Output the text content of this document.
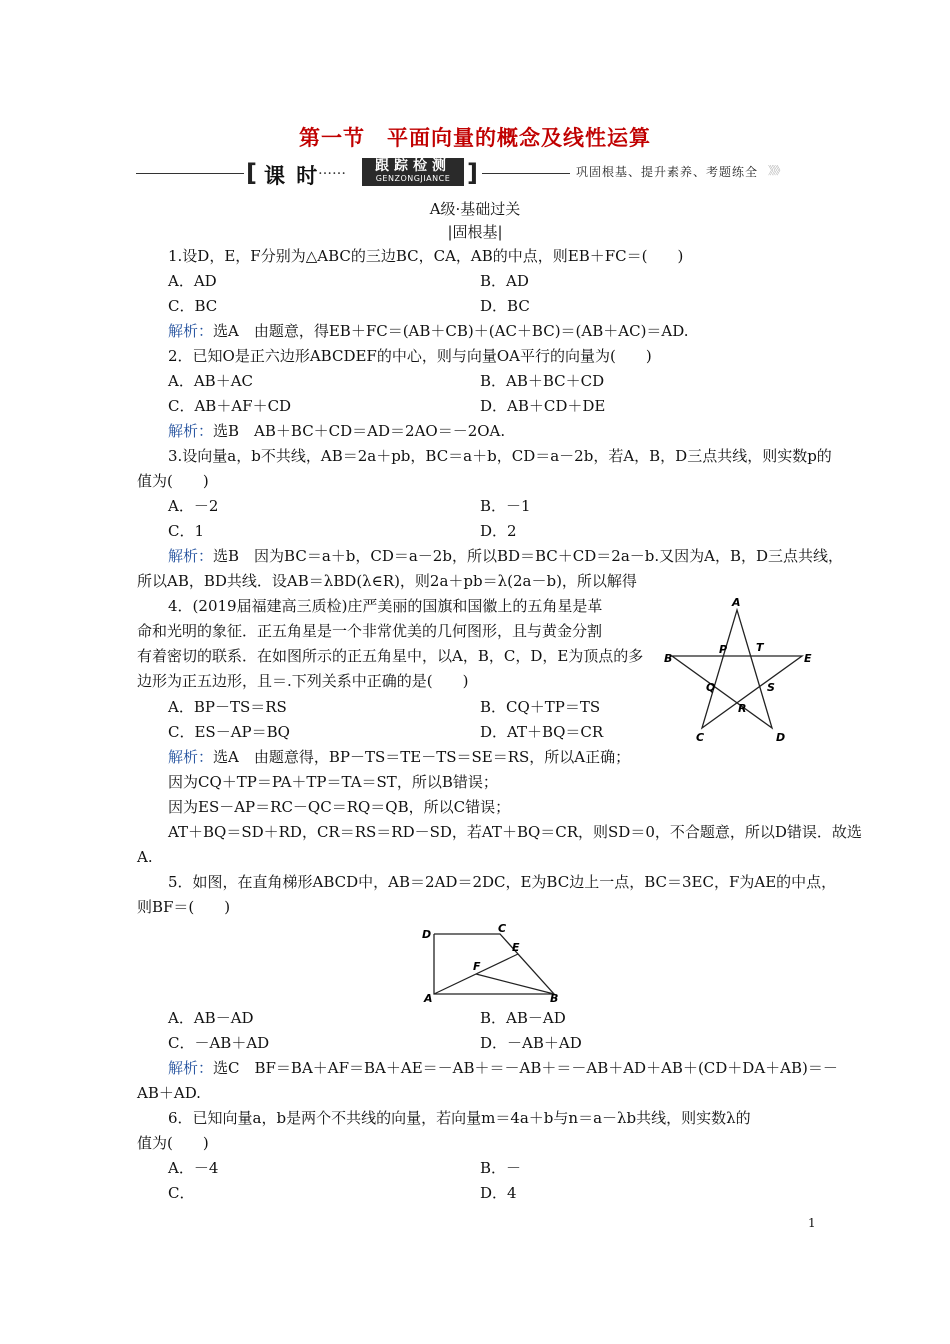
第一节　平面向量的概念及线性运算
[ 课 时
……	跟踪检测
GENZONGJIANCE ]	巩固根基、提升素养、考题练全 》》》
A级·基础过关
|固根基|
1.设D，E，F分别为△ABC的三边BC，CA，AB的中点，则EB＋FC＝(　　)
A．AD	B．AD
C．BC	D．BC
解析：选A　由题意，得EB＋FC＝(AB＋CB)＋(AC＋BC)＝(AB＋AC)＝AD.
2．已知O是正六边形ABCDEF的中心，则与向量OA平行的向量为(　　)
A．AB＋AC	B．AB＋BC＋CD
C．AB＋AF＋CD	D．AB＋CD＋DE
解析：选B　AB＋BC＋CD＝AD＝2AO＝－2OA.
3.设向量a，b不共线，AB＝2a＋pb，BC＝a＋b，CD＝a－2b，若A，B，D三点共线，则实数p的
值为(　　)
A．－2	B．－1
C．1	D．2
解析：选B　因为BC＝a＋b，CD＝a－2b，所以BD＝BC＋CD＝2a－b.又因为A，B，D三点共线，
所以AB，BD共线．设AB＝λBD(λ∈R)，则2a＋pb＝λ(2a－b)，所以解得
4．(2019届福建高三质检)庄严美丽的国旗和国徽上的五角星是革
命和光明的象征．正五角星是一个非常优美的几何图形，且与黄金分割
有着密切的联系．在如图所示的正五角星中，以A，B，C，D，E为顶点的多
边形为正五边形，且＝.下列关系中正确的是(　　)
A．BP－TS＝RS	B．CQ＋TP＝TS
C．ES－AP＝BQ	D．AT＋BQ＝CR
解析：选A　由题意得，BP－TS＝TE－TS＝SE＝RS，所以A正确；
因为CQ＋TP＝PA＋TP＝TA＝ST，所以B错误；
因为ES－AP＝RC－QC＝RQ＝QB，所以C错误；
AT＋BQ＝SD＋RD，CR＝RS＝RD－SD，若AT＋BQ＝CR，则SD＝0，不合题意，所以D错误．故选
A.
A
B
C	D
E
P	T
Q
R
S
5．如图，在直角梯形ABCD中，AB＝2AD＝2DC，E为BC边上一点，BC＝3EC，F为AE的中点，
则BF＝(　　)
D	C
E
F
A	B
A．AB－AD	B．AB－AD
C．－AB＋AD	D．－AB＋AD
解析：选C　BF＝BA＋AF＝BA＋AE＝－AB＋＝－AB＋＝－AB＋AD＋AB＋(CD＋DA＋AB)＝－
AB＋AD.
6．已知向量a，b是两个不共线的向量，若向量m＝4a＋b与n＝a－λb共线，则实数λ的
值为(　　)
A．－4	B．－
C．	D．4
1
